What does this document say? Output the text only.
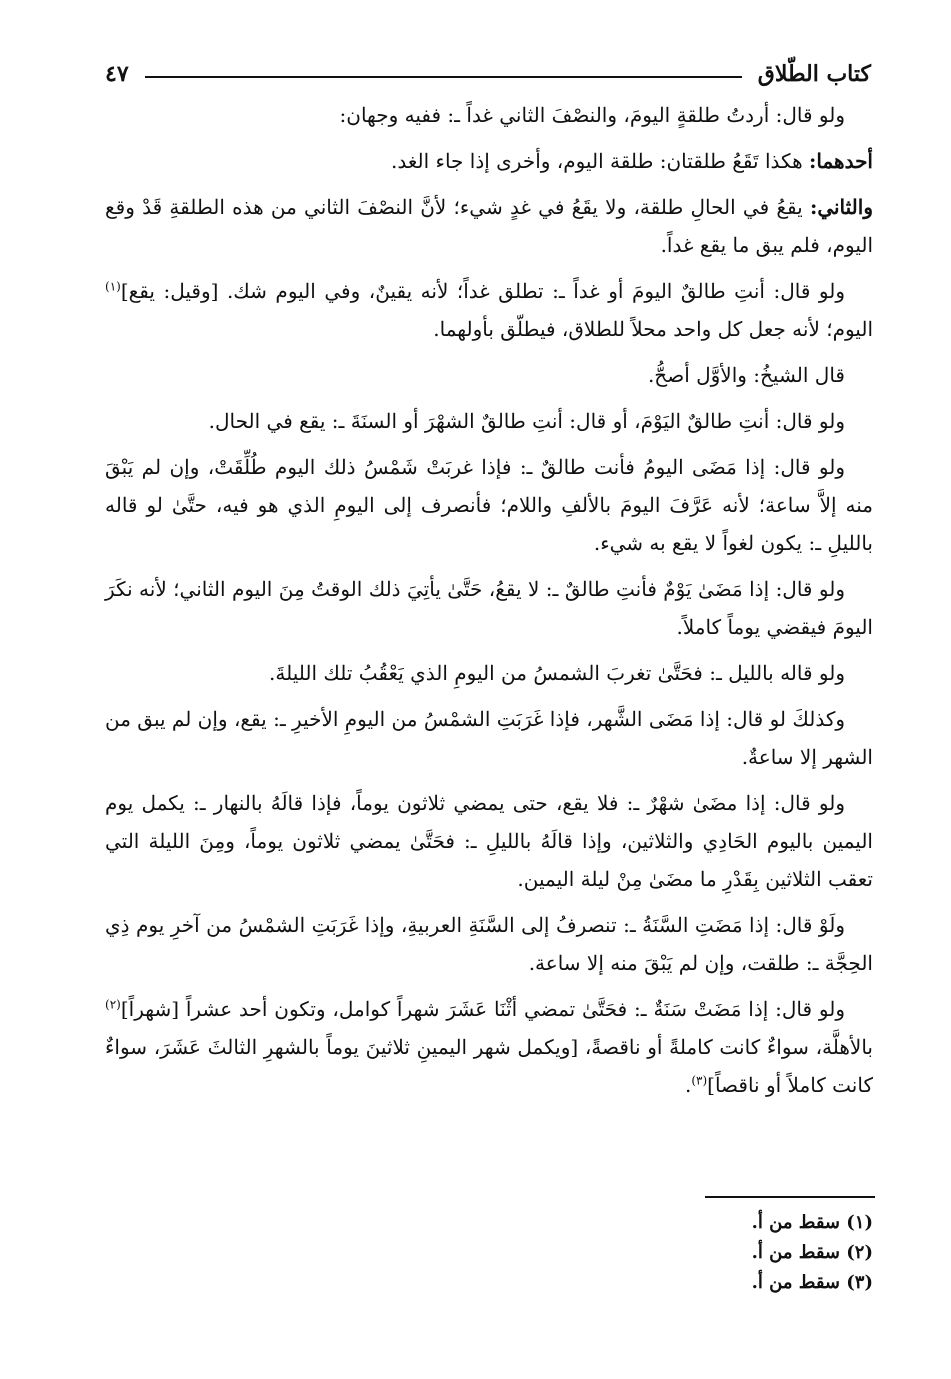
كتاب الطّلاق
٤٧

ولو قال: أردتُ طلقةٍ اليومَ، والنصْفَ الثاني غداً ـ: ففيه وجهان:

أحدهما: هكذا تَقَعُ طلقتان: طلقة اليوم، وأخرى إذا جاء الغد.

والثاني: يقعُ في الحالِ طلقة، ولا يقَعُ في غدٍ شيء؛ لأنَّ النصْفَ الثاني من هذه الطلقةِ قَدْ وقع اليوم، فلم يبق ما يقع غداً.

ولو قال: أنتِ طالقٌ اليومَ أو غداً ـ: تطلق غداً؛ لأنه يقينٌ، وفي اليوم شك. [وقيل: يقع]$^{(١)}$ اليوم؛ لأنه جعل كل واحد محلاً للطلاق، فيطلّق بأولهما.

قال الشيخُ: والأوَّل أصحُّ.

ولو قال: أنتِ طالقٌ اليَوْمَ، أو قال: أنتِ طالقٌ الشهْرَ أو السنَةَ ـ: يقع في الحال.

ولو قال: إذا مَضَى اليومُ فأنت طالقٌ ـ: فإذا غربَتْ شَمْسُ ذلك اليوم طُلِّقَتْ، وإن لم يَبْقَ منه إلاَّ ساعة؛ لأنه عَرَّفَ اليومَ بالألفِ واللام؛ فأنصرف إلى اليومِ الذي هو فيه، حتَّىٰ لو قاله بالليلِ ـ: يكون لغواً لا يقع به شيء.

ولو قال: إذا مَضَىٰ يَوْمٌ فأنتِ طالقٌ ـ: لا يقعُ، حَتَّىٰ يأتِيَ ذلك الوقتُ مِنَ اليوم الثاني؛ لأنه نكَرَ اليومَ فيقضي يوماً كاملاً.

ولو قاله بالليل ـ: فحَتَّىٰ تغربَ الشمسُ من اليومِ الذي يَعْقُبُ تلك الليلةَ.

وكذلكَ لو قال: إذا مَضَى الشَّهر، فإذا غَرَبَتِ الشمْسُ من اليومِ الأخيرِ ـ: يقع، وإن لم يبق من الشهر إلا ساعةٌ.

ولو قال: إذا مضَىٰ شهْرٌ ـ: فلا يقع، حتى يمضي ثلاثون يوماً، فإذا قالَهُ بالنهار ـ: يكمل يوم اليمين باليوم الحَادِي والثلاثين، وإذا قالَهُ بالليلِ ـ: فحَتَّىٰ يمضي ثلاثون يوماً، ومِنَ الليلة التي تعقب الثلاثين بِقَدْرِ ما مضَىٰ مِنْ ليلة اليمين.

ولَوْ قال: إذا مَضَتِ السَّنَةُ ـ: تنصرفُ إلى السَّنَةِ العربيةِ، وإذا غَرَبَتِ الشمْسُ من آخرِ يوم ذِي الحِجَّة ـ: طلقت، وإن لم يَبْقَ منه إلا ساعة.

ولو قال: إذا مَضَتْ سَنَةٌ ـ: فحَتَّىٰ تمضي أثْنَا عَشَرَ شهراً كوامل، وتكون أحد عشراً [شهراً]$^{(٢)}$ بالأهلَّة، سواءٌ كانت كاملةً أو ناقصةً، [ويكمل شهر اليمينِ ثلاثينَ يوماً بالشهرِ الثالثَ عَشَرَ، سواءٌ كانت كاملاً أو ناقصاً]$^{(٣)}$.

(١) سقط من أ.
(٢) سقط من أ.
(٣) سقط من أ.
